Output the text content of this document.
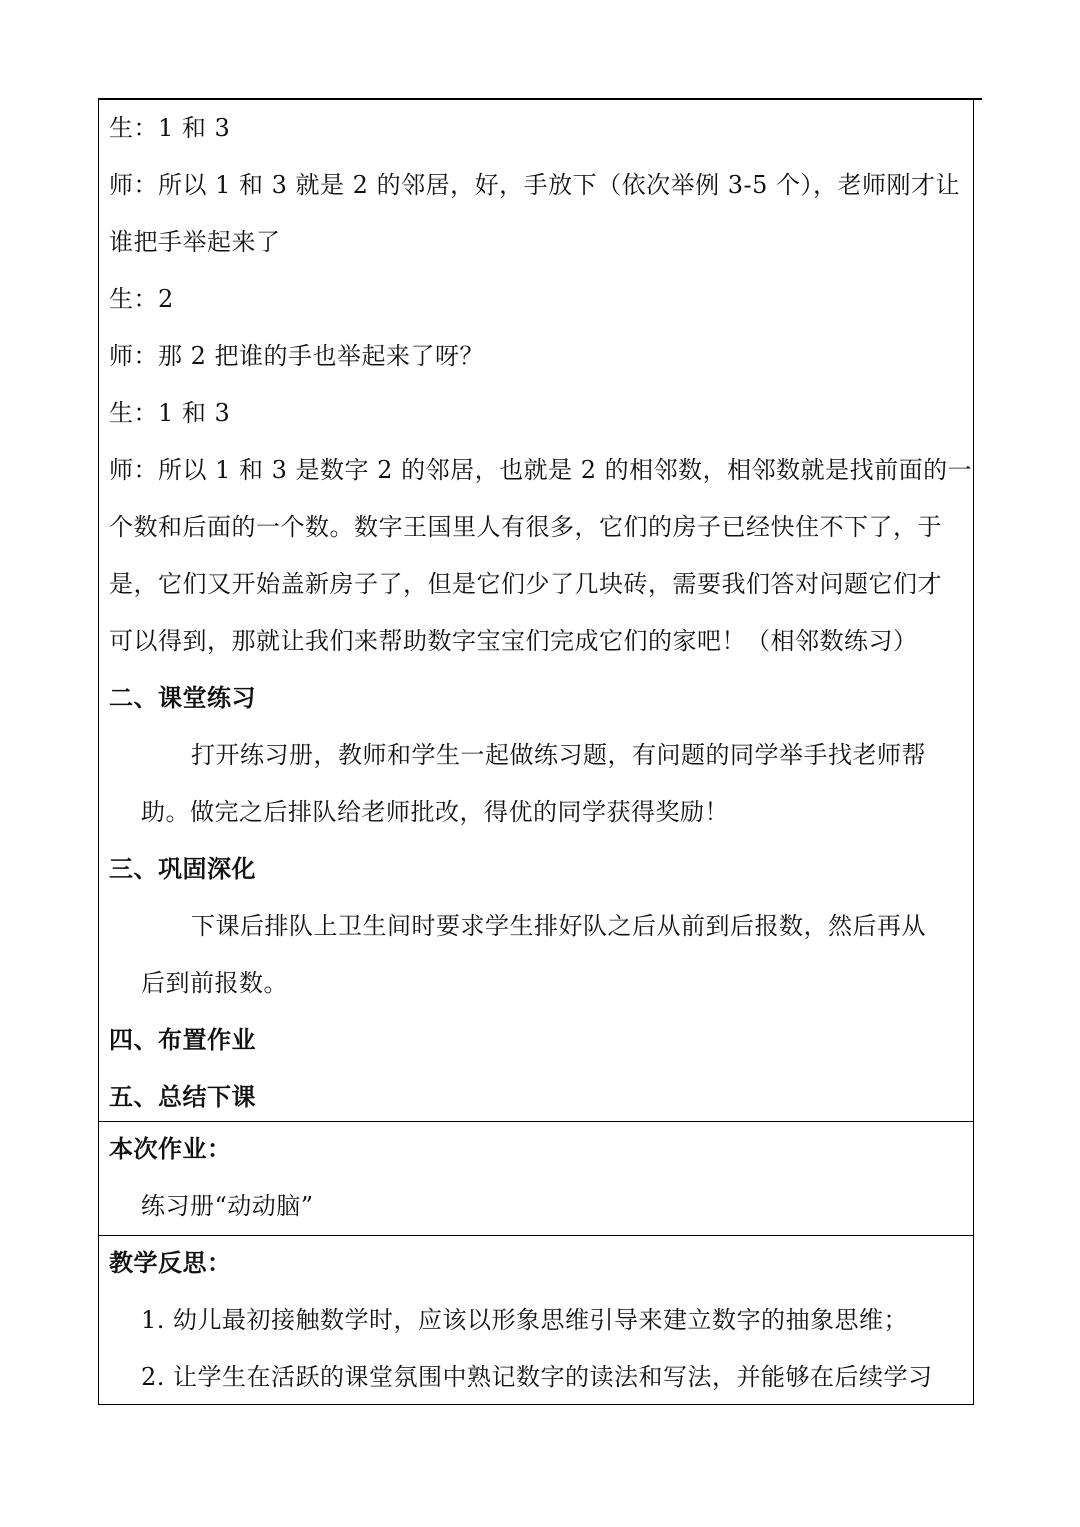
生：1 和 3
师：所以 1 和 3 就是 2 的邻居，好，手放下（依次举例 3-5 个），老师刚才让
谁把手举起来了
生：2
师：那 2 把谁的手也举起来了呀？
生：1 和 3
师：所以 1 和 3 是数字 2 的邻居，也就是 2 的相邻数，相邻数就是找前面的一
个数和后面的一个数。数字王国里人有很多，它们的房子已经快住不下了，于
是，它们又开始盖新房子了，但是它们少了几块砖，需要我们答对问题它们才
可以得到，那就让我们来帮助数字宝宝们完成它们的家吧！（相邻数练习）
二、课堂练习
打开练习册，教师和学生一起做练习题，有问题的同学举手找老师帮
助。做完之后排队给老师批改，得优的同学获得奖励！
三、巩固深化
下课后排队上卫生间时要求学生排好队之后从前到后报数，然后再从
后到前报数。
四、布置作业
五、总结下课
本次作业：
练习册“动动脑”
教学反思：
1. 幼儿最初接触数学时，应该以形象思维引导来建立数字的抽象思维；
2. 让学生在活跃的课堂氛围中熟记数字的读法和写法，并能够在后续学习
